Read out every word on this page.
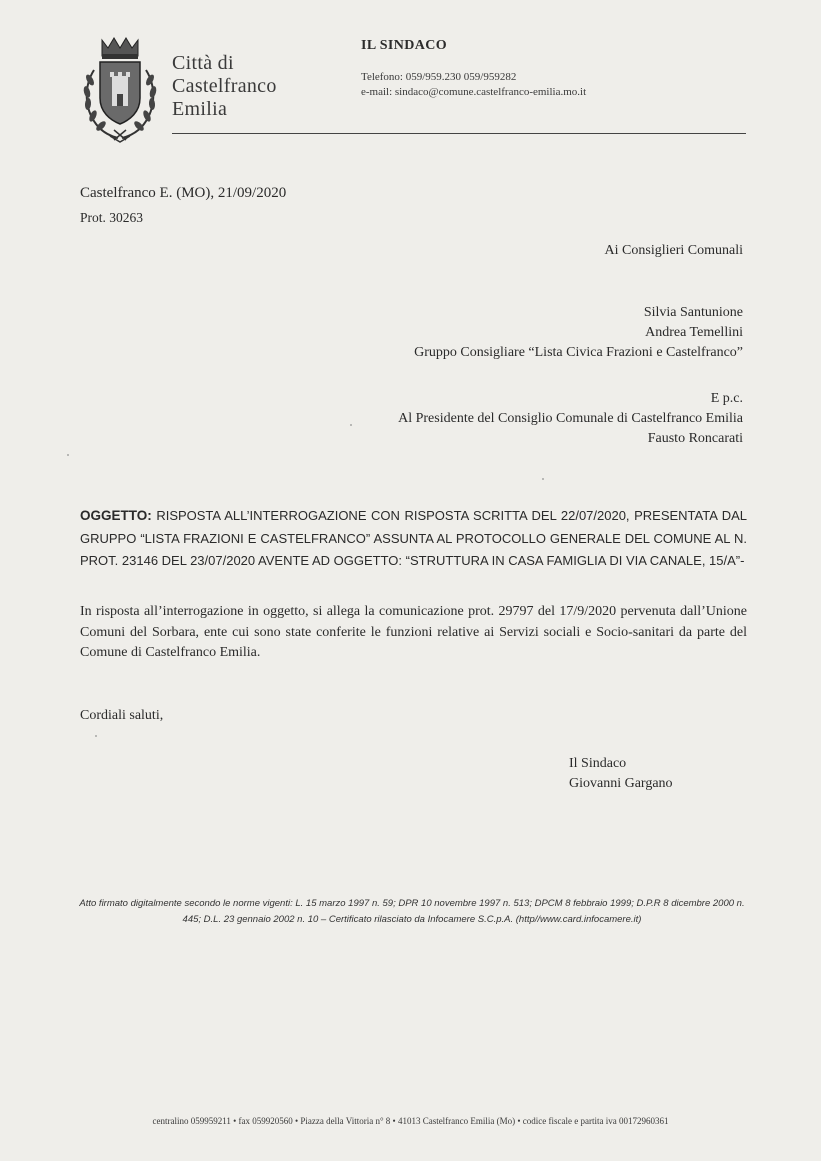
Città di
Castelfranco
Emilia
IL SINDACO
Telefono: 059/959.230 059/959282
e-mail: sindaco@comune.castelfranco-emilia.mo.it
Castelfranco E. (MO), 21/09/2020
Prot. 30263
Ai Consiglieri Comunali
Silvia Santunione
Andrea Temellini
Gruppo Consigliare “Lista Civica Frazioni e Castelfranco”
E p.c.
Al Presidente del Consiglio Comunale di Castelfranco Emilia
Fausto Roncarati
OGGETTO: RISPOSTA ALL’INTERROGAZIONE CON RISPOSTA SCRITTA DEL 22/07/2020, PRESENTATA DAL GRUPPO “LISTA FRAZIONI E CASTELFRANCO” ASSUNTA AL PROTOCOLLO GENERALE DEL COMUNE AL N. PROT. 23146 DEL 23/07/2020 AVENTE AD OGGETTO: “STRUTTURA IN CASA FAMIGLIA DI VIA CANALE, 15/A”-
In risposta all’interrogazione in oggetto, si allega la comunicazione prot. 29797 del 17/9/2020 pervenuta dall’Unione Comuni del Sorbara, ente cui sono state conferite le funzioni relative ai Servizi sociali e Socio-sanitari da parte del Comune di Castelfranco Emilia.
Cordiali saluti,
Il Sindaco
Giovanni Gargano
Atto firmato digitalmente secondo le norme vigenti: L. 15 marzo 1997 n. 59; DPR 10 novembre 1997 n. 513; DPCM 8 febbraio 1999; D.P.R 8 dicembre 2000 n. 445; D.L. 23 gennaio 2002 n. 10 – Certificato rilasciato da Infocamere S.C.p.A. (http//www.card.infocamere.it)
centralino 059959211 • fax 059920560 • Piazza della Vittoria n° 8 • 41013 Castelfranco Emilia (Mo) • codice fiscale e partita iva 00172960361
